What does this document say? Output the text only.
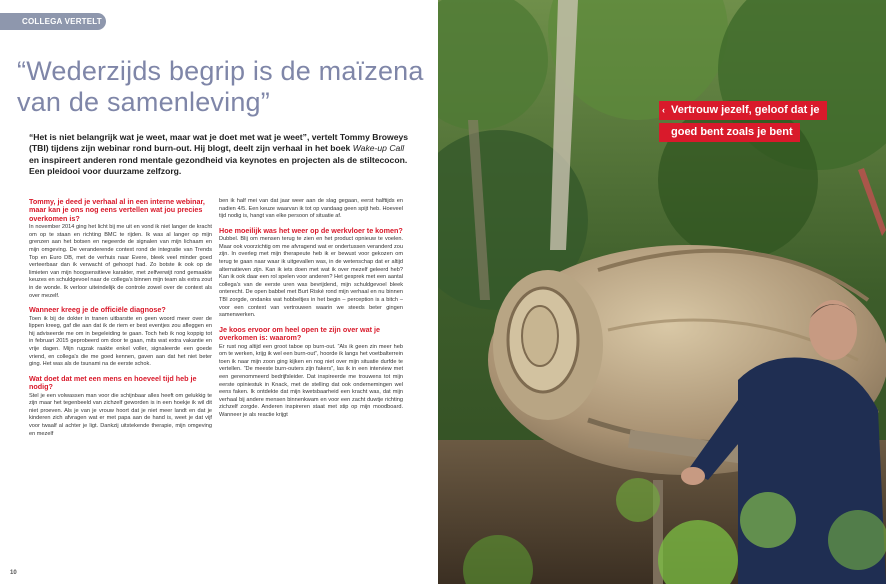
COLLEGA VERTELT
“Wederzijds begrip is de maïzena van de samenleving”
“Het is niet belangrijk wat je weet, maar wat je doet met wat je weet”, vertelt Tommy Broweys (TBI) tijdens zijn webinar rond burn-out. Hij blogt, deelt zijn verhaal in het boek Wake-up Call en inspireert anderen rond mentale gezondheid via keynotes en projecten als de stiltecocon. Een pleidooi voor duurzame zelfzorg.

Tommy, je deed je verhaal al in een interne webinar, maar kan je ons nog eens vertellen wat jou precies overkomen is?

In november 2014 ging het licht bij me uit en vond ik niet langer de kracht om op te staan en richting BMC te rijden. Ik was al langer op mijn grenzen aan het botsen en negeerde de signalen van mijn lichaam en mijn omgeving. De veranderende context rond de integratie van Trends Top en Euro DB, met de verhuis naar Evere, bleek veel minder goed verteerbaar dan ik verwacht of gehoopt had. Zo botste ik ook op de limieten van mijn hoogsensitieve karakter, met zelfverwijt rond gemaakte keuzes en schuldgevoel naar de collega's binnen mijn team als extra zout in de wonde. Ik verloor uiteindelijk de controle zowel over de context als over mezelf.

Wanneer kreeg je de officiële diagnose?

Toen ik bij de dokter in tranen uitbarstte en geen woord meer over de lippen kreeg, gaf die aan dat ik de riem er best eventjes zou afleggen en hij adviseerde me om in begeleiding te gaan. Toch heb ik nog koppig tot in februari 2015 geprobeerd om door te gaan, mits wat extra vakantie en vrije dagen. Mijn rugzak raakte enkel voller, signaleerde een goede vriend, en collega's die me goed kennen, gaven aan dat het niet beter ging. Het was als de tsunami na de eerste schok.

Wat doet dat met een mens en hoeveel tijd heb je nodig?

Stel je een volwassen man voor die schijnbaar alles heeft om gelukkig te zijn maar het tegenbeeld van zichzelf geworden is in een hoekje ik wil dit niet proeven. Als je van je vrouw hoort dat je niet meer landt en dat je kinderen zich afvragen wat er met papa aan de hand is, weet je dat vijf voor twaalf al achter je ligt. Dankzij uitstekende therapie, mijn omgeving en mezelf

ben ik half mei van dat jaar weer aan de slag gegaan, eerst halftijds en nadien 4/5. Een keuze waarvan ik tot op vandaag geen spijt heb. Hoeveel tijd nodig is, hangt van elke persoon of situatie af.

Hoe moeilijk was het weer op de werkvloer te komen?

Dubbel. Blij om mensen terug te zien en het product opnieuw te voelen. Maar ook voorzichtig om me afvragend wat er ondertussen veranderd zou zijn. In overleg met mijn therapeute heb ik er bewust voor gekozen om terug te gaan naar waar ik uitgevallen was, in de wetenschap dat er altijd alternatieven zijn. Kan ik iets doen met wat ik over mezelf geleerd heb? Kan ik ook daar een rol spelen voor anderen? Het gesprek met een aantal collega's van de eerste uren was bevrijdend, mijn schuldgevoel bleek onterecht. De open babbel met Burt Riské rond mijn verhaal en nu binnen TBI zorgde, ondanks wat hobbeltjes in het begin – perception is a bitch – voor een context van vertrouwen waarin we steeds beter gingen samenwerken.

Je koos ervoor om heel open te zijn over wat je overkomen is: waarom?

Er rust nog altijd een groot taboe op burn-out. “Als ik geen zin meer heb om te werken, krijg ik wel een burn-out”, hoorde ik langs het voetbalterrein toen ik naar mijn zoon ging kijken en nog niet over mijn situatie durfde te vertellen. “De meeste burn-outers zijn fakers”, las ik in een interview met een gerenommeerd bedrijfsleider. Dat inspireerde me trouwens tot mijn eerste opiniestuk in Knack, met de stelling dat ook ondernemingen wel eens faken. Ik ontdekte dat mijn kwetsbaarheid een kracht was, dat mijn verhaal bij andere mensen binnenkwam en voor een zacht duwtje richting zichzelf zorgde. Anderen inspireren staat met stip op mijn moodboard. Wanneer je als reactie krijgt

10
‹ Vertrouw jezelf, geloof dat je
goed bent zoals je bent
